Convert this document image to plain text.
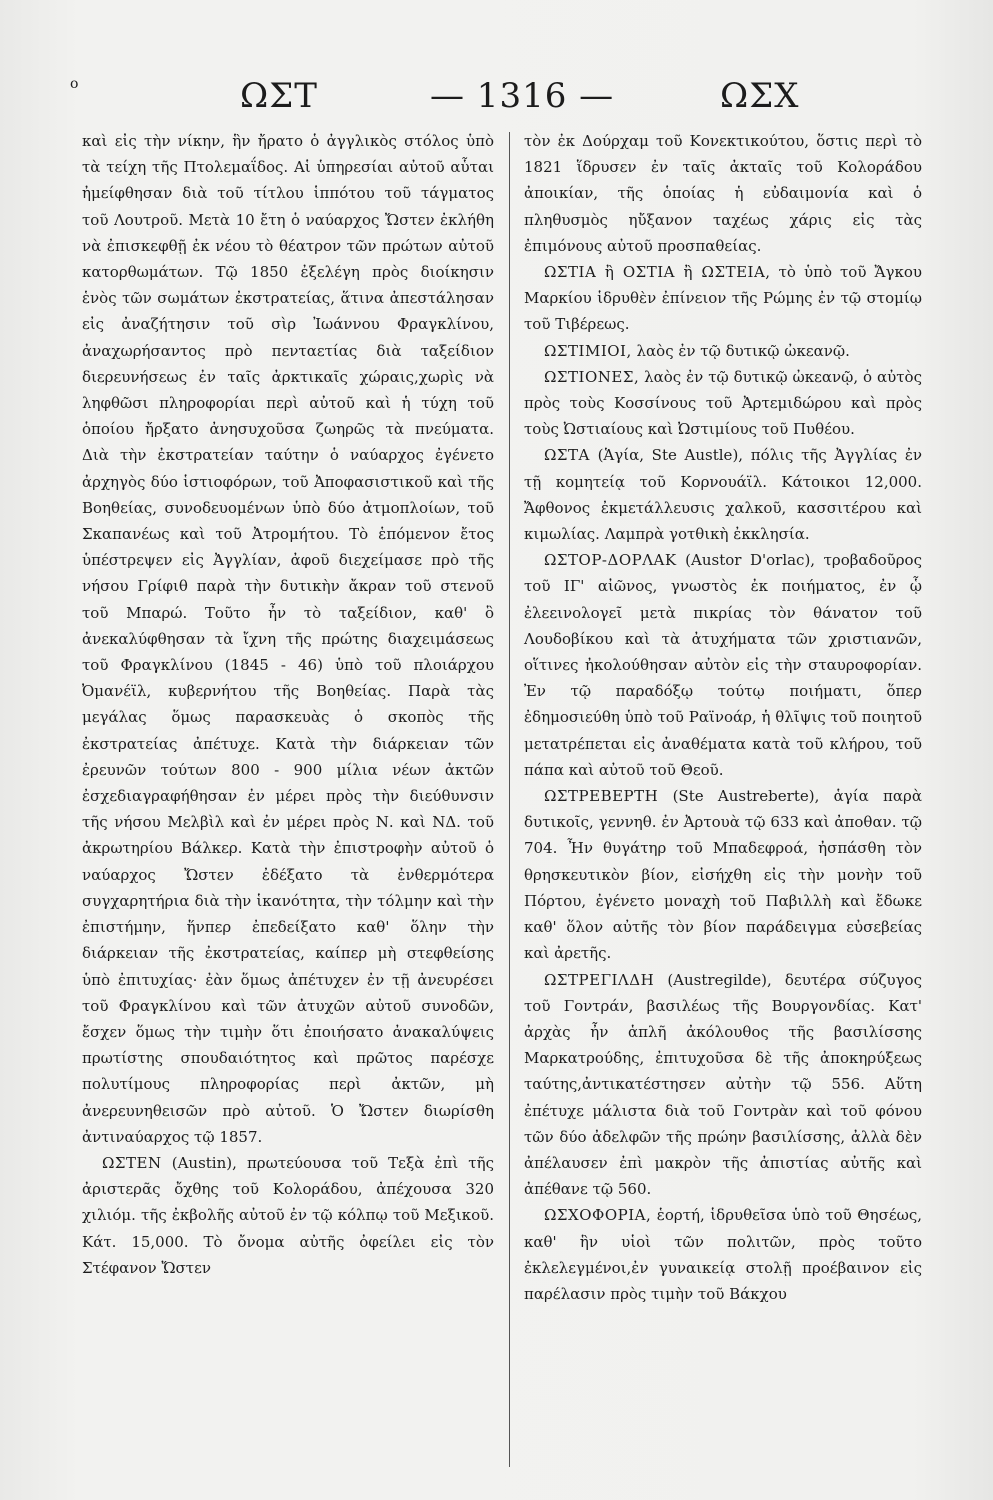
o	ΩΣΤ	— 1316 —	ΩΣΧ

καὶ εἰς τὴν νίκην, ἣν ἤρατο ὁ ἀγγλικὸς στόλος ὑπὸ τὰ τείχη τῆς Πτολεμαΐδος. Αἱ ὑπηρεσίαι αὐτοῦ αὗται ἠμείφθησαν διὰ τοῦ τίτλου ἱππότου τοῦ τάγματος τοῦ Λουτροῦ. Μετὰ 10 ἔτη ὁ ναύαρχος Ὤστεν ἐκλήθη νὰ ἐπισκεφθῇ ἐκ νέου τὸ θέατρον τῶν πρώτων αὐτοῦ κατορθωμάτων. Τῷ 1850 ἐξελέγη πρὸς διοίκησιν ἑνὸς τῶν σωμάτων ἐκστρατείας, ἅτινα ἀπεστάλησαν εἰς ἀναζήτησιν τοῦ σὶρ Ἰωάννου Φραγκλίνου, ἀναχωρήσαντος πρὸ πενταετίας διὰ ταξείδιον διερευνήσεως ἐν ταῖς ἀρκτικαῖς χώραις,χωρὶς νὰ ληφθῶσι πληροφορίαι περὶ αὐτοῦ καὶ ἡ τύχη τοῦ ὁποίου ἤρξατο ἀνησυχοῦσα ζωηρῶς τὰ πνεύματα. Διὰ τὴν ἐκστρατείαν ταύτην ὁ ναύαρχος ἐγένετο ἀρχηγὸς δύο ἱστιοφόρων, τοῦ Ἀποφασιστικοῦ καὶ τῆς Βοηθείας, συνοδευομένων ὑπὸ δύο ἀτμοπλοίων, τοῦ Σκαπανέως καὶ τοῦ Ἀτρομήτου. Τὸ ἑπόμενον ἔτος ὑπέστρεψεν εἰς Ἀγγλίαν, ἀφοῦ διεχείμασε πρὸ τῆς νήσου Γρίφιθ παρὰ τὴν δυτικὴν ἄκραν τοῦ στενοῦ τοῦ Μπαρώ. Τοῦτο ἦν τὸ ταξείδιον, καθ' ὃ ἀνεκαλύφθησαν τὰ ἴχνη τῆς πρώτης διαχειμάσεως τοῦ Φραγκλίνου (1845 - 46) ὑπὸ τοῦ πλοιάρχου Ὀμανέϊλ, κυβερνήτου τῆς Βοηθείας. Παρὰ τὰς μεγάλας ὅμως παρασκευὰς ὁ σκοπὸς τῆς ἐκστρατείας ἀπέτυχε. Κατὰ τὴν διάρκειαν τῶν ἐρευνῶν τούτων 800 - 900 μίλια νέων ἀκτῶν ἐσχεδιαγραφήθησαν ἐν μέρει πρὸς τὴν διεύθυνσιν τῆς νήσου Μελβὶλ καὶ ἐν μέρει πρὸς Ν. καὶ ΝΔ. τοῦ ἀκρωτηρίου Βάλκερ. Κατὰ τὴν ἐπιστροφὴν αὐτοῦ ὁ ναύαρχος Ὤστεν ἐδέξατο τὰ ἐνθερμότερα συγχαρητήρια διὰ τὴν ἱκανότητα, τὴν τόλμην καὶ τὴν ἐπιστήμην, ἥνπερ ἐπεδείξατο καθ' ὅλην τὴν διάρκειαν τῆς ἐκστρατείας, καίπερ μὴ στεφθείσης ὑπὸ ἐπιτυχίας· ἐὰν ὅμως ἀπέτυχεν ἐν τῇ ἀνευρέσει τοῦ Φραγκλίνου καὶ τῶν ἀτυχῶν αὐτοῦ συνοδῶν, ἔσχεν ὅμως τὴν τιμὴν ὅτι ἐποιήσατο ἀνακαλύψεις πρωτίστης σπουδαιότητος καὶ πρῶτος παρέσχε πολυτίμους πληροφορίας περὶ ἀκτῶν, μὴ ἀνερευνηθεισῶν πρὸ αὐτοῦ. Ὁ Ὤστεν διωρίσθη ἀντιναύαρχος τῷ 1857.

ΩΣΤΕΝ (Austin), πρωτεύουσα τοῦ Τεξὰ ἐπὶ τῆς ἀριστερᾶς ὄχθης τοῦ Κολοράδου, ἀπέχουσα 320 χιλιόμ. τῆς ἐκβολῆς αὐτοῦ ἐν τῷ κόλπῳ τοῦ Μεξικοῦ. Κάτ. 15,000. Τὸ ὄνομα αὐτῆς ὀφείλει εἰς τὸν Στέφανον Ὤστεν

τὸν ἐκ Δούρχαμ τοῦ Κονεκτικούτου, ὅστις περὶ τὸ 1821 ἵδρυσεν ἐν ταῖς ἀκταῖς τοῦ Κολοράδου ἀποικίαν, τῆς ὁποίας ἡ εὐδαιμονία καὶ ὁ πληθυσμὸς ηὔξανον ταχέως χάρις εἰς τὰς ἐπιμόνους αὐτοῦ προσπαθείας.

ΩΣΤΙΑ ἢ ΟΣΤΙΑ ἢ ΩΣΤΕΙΑ, τὸ ὑπὸ τοῦ Ἄγκου Μαρκίου ἱδρυθὲν ἐπίνειον τῆς Ρώμης ἐν τῷ στομίῳ τοῦ Τιβέρεως.

ΩΣΤΙΜΙΟΙ, λαὸς ἐν τῷ δυτικῷ ὠκεανῷ.

ΩΣΤΙΟΝΕΣ, λαὸς ἐν τῷ δυτικῷ ὠκεανῷ, ὁ αὐτὸς πρὸς τοὺς Κοσσίνους τοῦ Ἀρτεμιδώρου καὶ πρὸς τοὺς Ὠστιαίους καὶ Ὠστιμίους τοῦ Πυθέου.

ΩΣΤΑ (Ἁγία, Ste Austle), πόλις τῆς Ἀγγλίας ἐν τῇ κομητείᾳ τοῦ Κορνουάϊλ. Κάτοικοι 12,000. Ἄφθονος ἐκμετάλλευσις χαλκοῦ, κασσιτέρου καὶ κιμωλίας. Λαμπρὰ γοτθικὴ ἐκκλησία.

ΩΣΤΟΡ-ΔΟΡΛΑΚ (Austor D'orlac), τροβαδοῦρος τοῦ ΙΓ' αἰῶνος, γνωστὸς ἐκ ποιήματος, ἐν ᾧ ἐλεεινολογεῖ μετὰ πικρίας τὸν θάνατον τοῦ Λουδοβίκου καὶ τὰ ἀτυχήματα τῶν χριστιανῶν, οἵτινες ἠκολούθησαν αὐτὸν εἰς τὴν σταυροφορίαν. Ἐν τῷ παραδόξῳ τούτῳ ποιήματι, ὅπερ ἐδημοσιεύθη ὑπὸ τοῦ Ραϊνοάρ, ἡ θλῖψις τοῦ ποιητοῦ μετατρέπεται εἰς ἀναθέματα κατὰ τοῦ κλήρου, τοῦ πάπα καὶ αὐτοῦ τοῦ Θεοῦ.

ΩΣΤΡΕΒΕΡΤΗ (Ste Austreberte), ἁγία παρὰ δυτικοῖς, γεννηθ. ἐν Ἀρτουὰ τῷ 633 καὶ ἀποθαν. τῷ 704. Ἦν θυγάτηρ τοῦ Μπαδεφροά, ἠσπάσθη τὸν θρησκευτικὸν βίον, εἰσήχθη εἰς τὴν μονὴν τοῦ Πόρτου, ἐγένετο μοναχὴ τοῦ Παβιλλὴ καὶ ἔδωκε καθ' ὅλον αὐτῆς τὸν βίον παράδειγμα εὐσεβείας καὶ ἀρετῆς.

ΩΣΤΡΕΓΙΛΔΗ (Austregilde), δευτέρα σύζυγος τοῦ Γοντράν, βασιλέως τῆς Βουργονδίας. Κατ' ἀρχὰς ἦν ἁπλῆ ἀκόλουθος τῆς βασιλίσσης Μαρκατρούδης, ἐπιτυχοῦσα δὲ τῆς ἀποκηρύξεως ταύτης,ἀντικατέστησεν αὐτὴν τῷ 556. Αὕτη ἐπέτυχε μάλιστα διὰ τοῦ Γοντρὰν καὶ τοῦ φόνου τῶν δύο ἀδελφῶν τῆς πρώην βασιλίσσης, ἀλλὰ δὲν ἀπέλαυσεν ἐπὶ μακρὸν τῆς ἀπιστίας αὐτῆς καὶ ἀπέθανε τῷ 560.

ΩΣΧΟΦΟΡΙΑ, ἑορτή, ἱδρυθεῖσα ὑπὸ τοῦ Θησέως, καθ' ἣν υἱοὶ τῶν πολιτῶν, πρὸς τοῦτο ἐκλελεγμένοι,ἐν γυναικείᾳ στολῇ προέβαινον εἰς παρέλασιν πρὸς τιμὴν τοῦ Βάκχου
